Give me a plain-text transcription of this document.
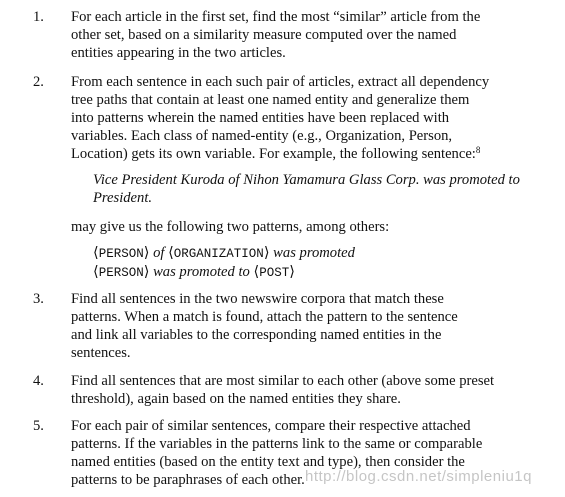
1.	For each article in the first set, find the most “similar” article from the
other set, based on a similarity measure computed over the named
entities appearing in the two articles.
2.	From each sentence in each such pair of articles, extract all dependency
tree paths that contain at least one named entity and generalize them
into patterns wherein the named entities have been replaced with
variables. Each class of named-entity (e.g., Organization, Person,
Location) gets its own variable. For example, the following sentence:$^8$
Vice President Kuroda of Nihon Yamamura Glass Corp. was promoted to
President.
may give us the following two patterns, among others:
⟨PERSON⟩ of ⟨ORGANIZATION⟩ was promoted
⟨PERSON⟩ was promoted to ⟨POST⟩
3.	Find all sentences in the two newswire corpora that match these
patterns. When a match is found, attach the pattern to the sentence
and link all variables to the corresponding named entities in the
sentences.
4.	Find all sentences that are most similar to each other (above some preset
threshold), again based on the named entities they share.
5.	For each pair of similar sentences, compare their respective attached
patterns. If the variables in the patterns link to the same or comparable
named entities (based on the entity text and type), then consider the
patterns to be paraphrases of each other. http://blog.csdn.net/simpleniu1q
